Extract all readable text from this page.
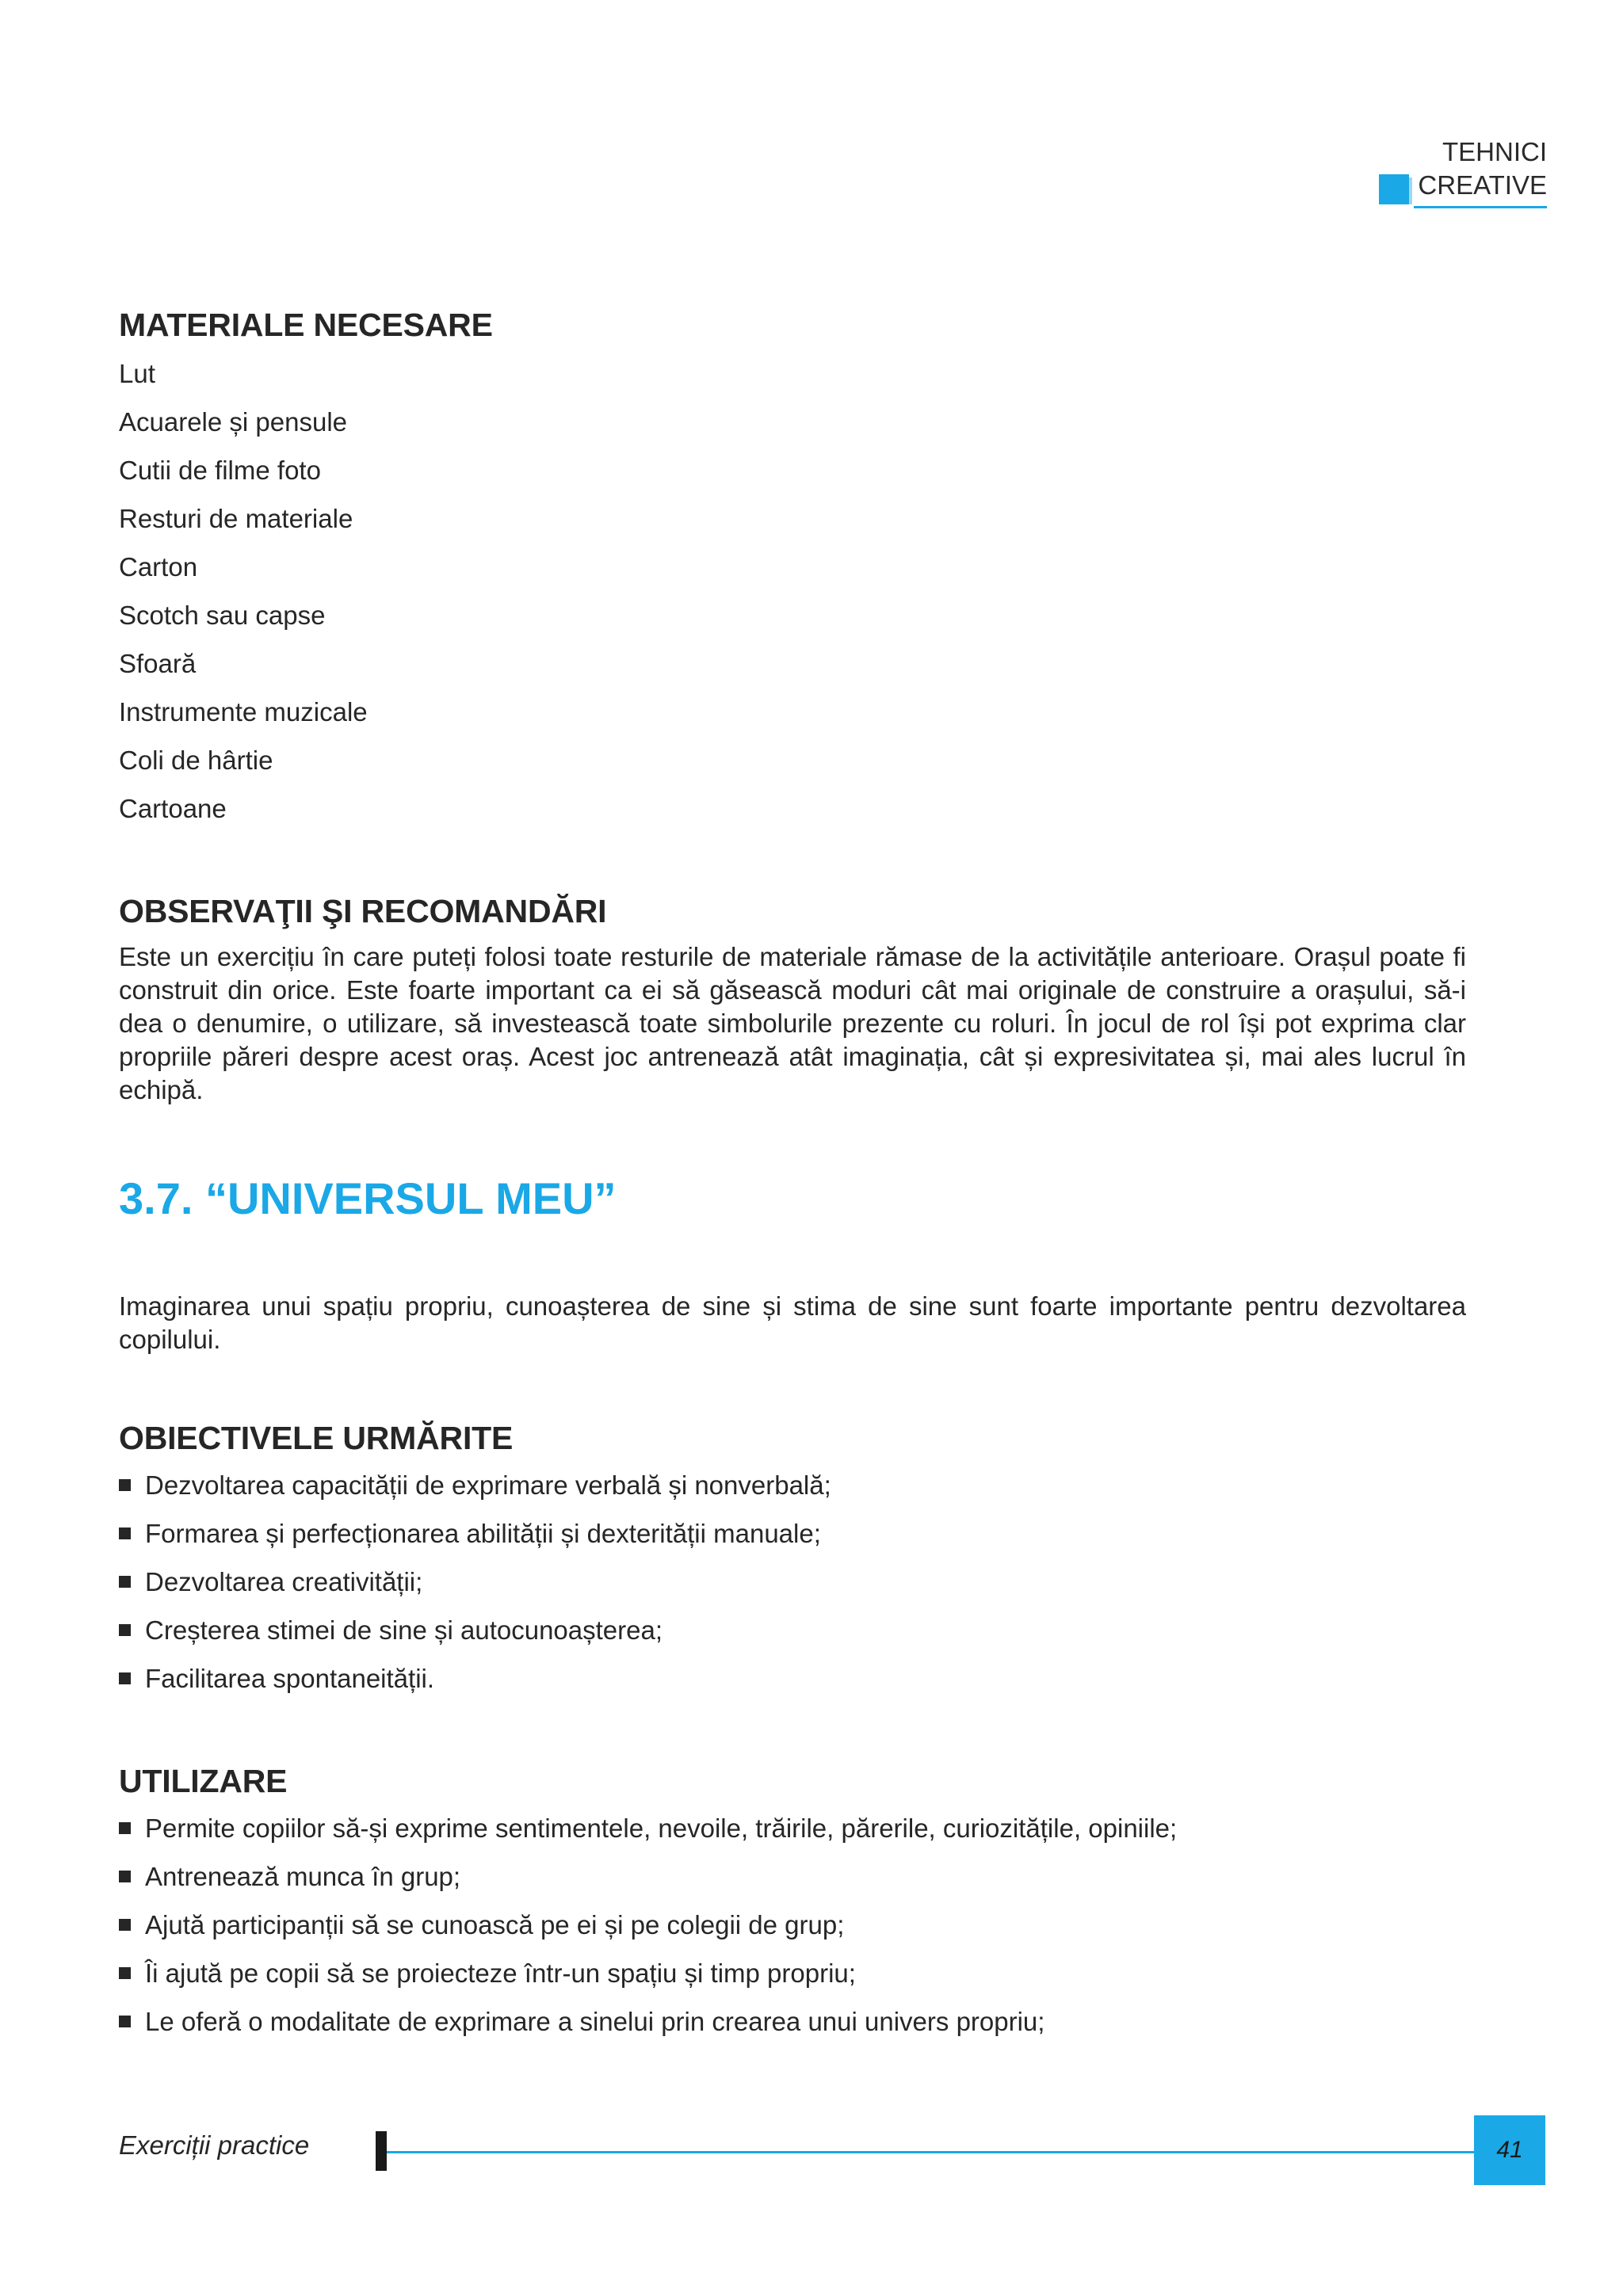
TEHNICI
CREATIVE
MATERIALE NECESARE
Lut
Acuarele și pensule
Cutii de filme foto
Resturi de materiale
Carton
Scotch sau capse
Sfoară
Instrumente muzicale
Coli de hârtie
Cartoane
OBSERVAŢII ŞI RECOMANDĂRI

Este un exercițiu în care puteți folosi toate resturile de materiale rămase de la activitățile anterioare. Orașul poate fi construit din orice. Este foarte important ca ei să găsească moduri cât mai originale de construire a orașului, să-i dea o denumire, o utilizare, să investească toate simbolurile prezente cu roluri. În jocul de rol își pot exprima clar propriile păreri despre acest oraș. Acest joc antrenează atât imaginația, cât și expresivitatea și, mai ales lucrul în echipă.

3.7. “UNIVERSUL MEU”

Imaginarea unui spațiu propriu, cunoașterea de sine și stima de sine sunt foarte importante pentru dezvoltarea copilului.

OBIECTIVELE URMĂRITE
Dezvoltarea capacității de exprimare verbală și nonverbală;
Formarea și perfecționarea abilității și dexterității manuale;
Dezvoltarea creativității;
Creșterea stimei de sine și autocunoașterea;
Facilitarea spontaneității.
UTILIZARE
Permite copiilor să-și exprime sentimentele, nevoile, trăirile, părerile, curiozitățile, opiniile;
Antrenează munca în grup;
Ajută participanții să se cunoască pe ei și pe colegii de grup;
Îi ajută pe copii să se proiecteze într-un spațiu și timp propriu;
Le oferă o modalitate de exprimare a sinelui prin crearea unui univers propriu;
Exerciții practice	41
